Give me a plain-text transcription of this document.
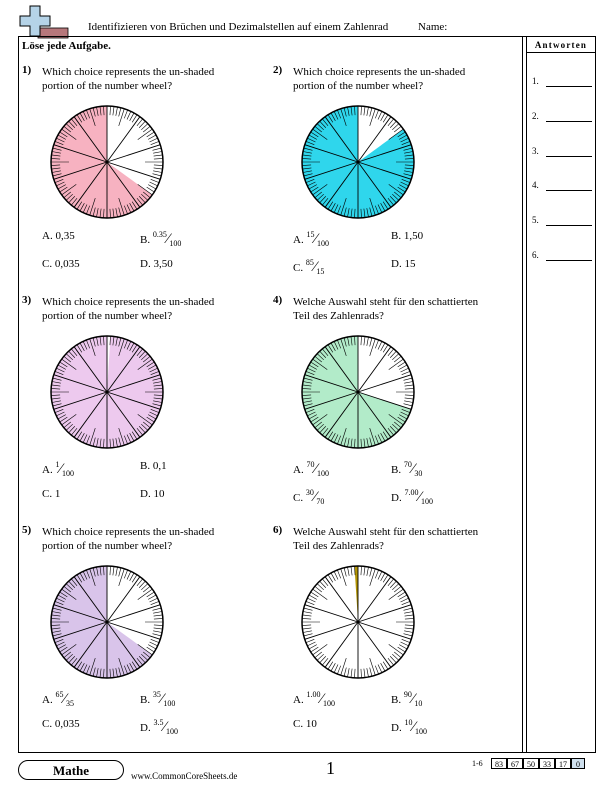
Identifizieren von Brüchen und Dezimalstellen auf einem Zahlenrad	Name:
Löse jede Aufgabe.	Antworten
1.
2.
3.
4.
5.
6.
1) Which choice represents the un-shaded portion of the number wheel?
A. 0,35	B. $^{0.35}⁄_{100}$
C. 0,035	D. 3,50
2) Which choice represents the un-shaded portion of the number wheel?
A. $^{15}⁄_{100}$
B. 1,50
C. $^{85}⁄_{15}$
D. 15
3) Which choice represents the un-shaded portion of the number wheel?
A. $^1⁄_{100}$
B. 0,1
C. 1	D. 10
4) Welche Auswahl steht für den schattierten Teil des Zahlenrads?
A. $^{70}⁄_{100}$	B. $^{70}⁄_{30}$
C. $^{30}⁄_{70}$	D. $^{7.00}⁄_{100}$
5) Which choice represents the un-shaded portion of the number wheel?
A. $^{65}⁄_{35}$	B. $^{35}⁄_{100}$
C. 0,035	D. $^{3.5}⁄_{100}$
6) Welche Auswahl steht für den schattierten Teil des Zahlenrads?
A. $^{1.00}⁄_{100}$	B. $^{90}⁄_{10}$
C. 10	D. $^{10}⁄_{100}$
Mathe	www.CommonCoreSheets.de	1	1-6	83	67	50	33	17	0
